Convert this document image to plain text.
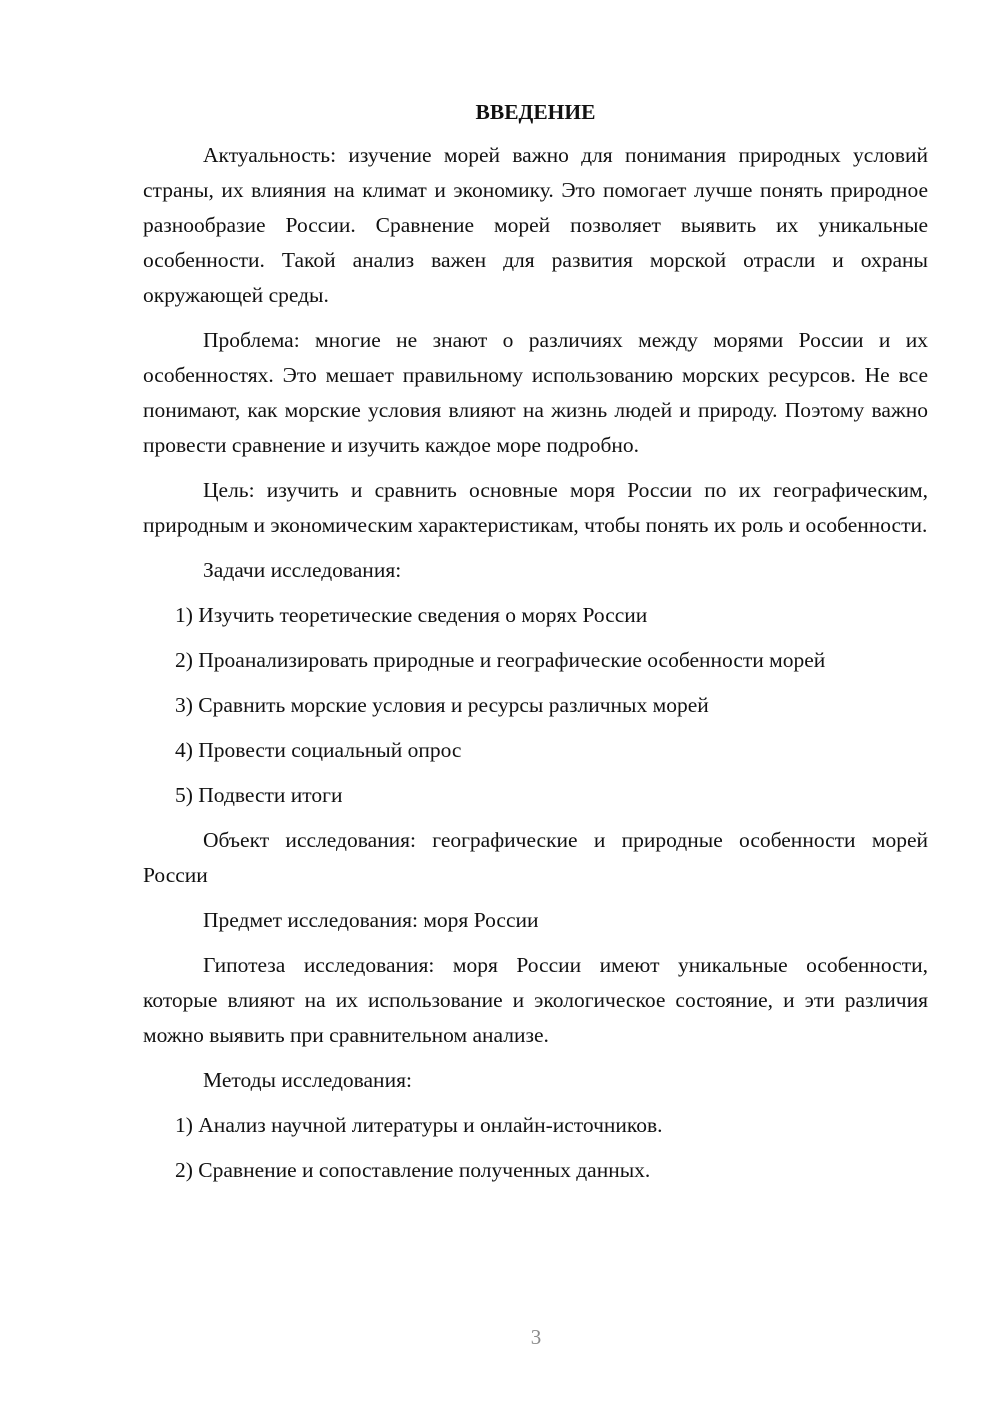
ВВЕДЕНИЕ
Актуальность: изучение морей важно для понимания природных условий страны, их влияния на климат и экономику. Это помогает лучше понять природное разнообразие России. Сравнение морей позволяет выявить их уникальные особенности. Такой анализ важен для развития морской отрасли и охраны окружающей среды.
Проблема: многие не знают о различиях между морями России и их особенностях. Это мешает правильному использованию морских ресурсов. Не все понимают, как морские условия влияют на жизнь людей и природу. Поэтому важно провести сравнение и изучить каждое море подробно.
Цель: изучить и сравнить основные моря России по их географическим, природным и экономическим характеристикам, чтобы понять их роль и особенности.
Задачи исследования:
1) Изучить теоретические сведения о морях России
2) Проанализировать природные и географические особенности морей
3) Сравнить морские условия и ресурсы различных морей
4) Провести социальный опрос
5) Подвести итоги
Объект исследования: географические и природные особенности морей России
Предмет исследования: моря России
Гипотеза исследования: моря России имеют уникальные особенности, которые влияют на их использование и экологическое состояние, и эти различия можно выявить при сравнительном анализе.
Методы исследования:
1) Анализ научной литературы и онлайн-источников.
2) Сравнение и сопоставление полученных данных.
3
